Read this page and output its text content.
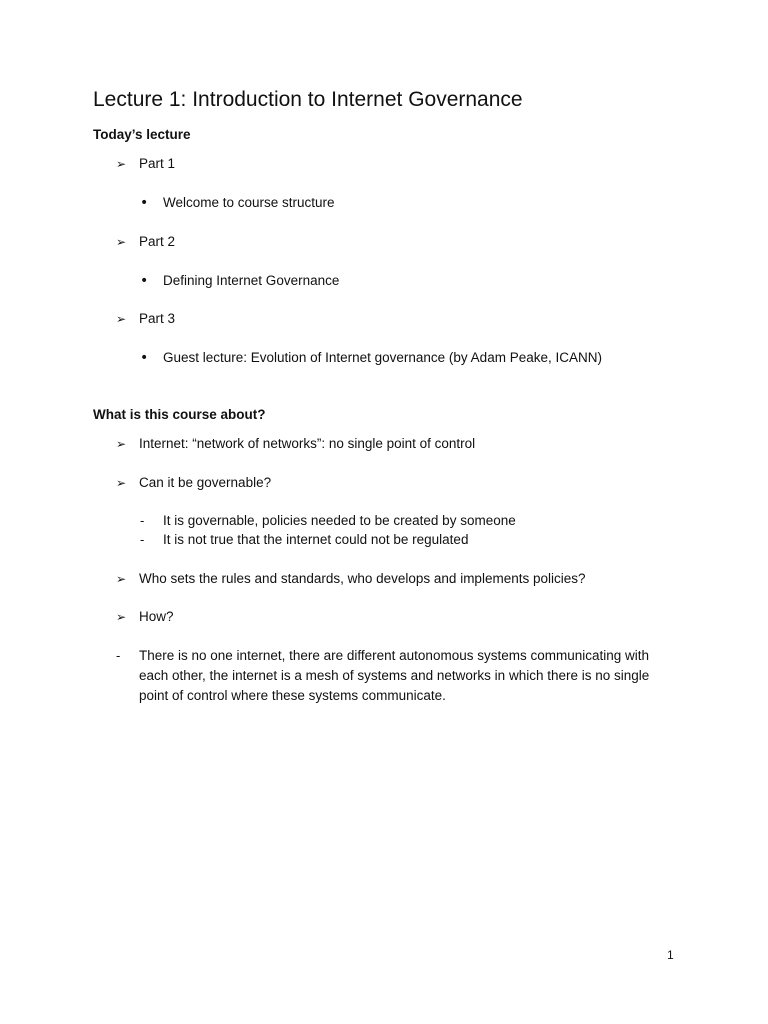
Lecture 1: Introduction to Internet Governance
Today’s lecture
➢ Part 1
• Welcome to course structure
➢ Part 2
• Defining Internet Governance
➢ Part 3
• Guest lecture: Evolution of Internet governance (by Adam Peake, ICANN)
What is this course about?
➢ Internet: “network of networks”: no single point of control
➢ Can it be governable?
- It is governable, policies needed to be created by someone
- It is not true that the internet could not be regulated
➢ Who sets the rules and standards, who develops and implements policies?
➢ How?
- There is no one internet, there are different autonomous systems communicating with each other, the internet is a mesh of systems and networks in which there is no single point of control where these systems communicate.
1
